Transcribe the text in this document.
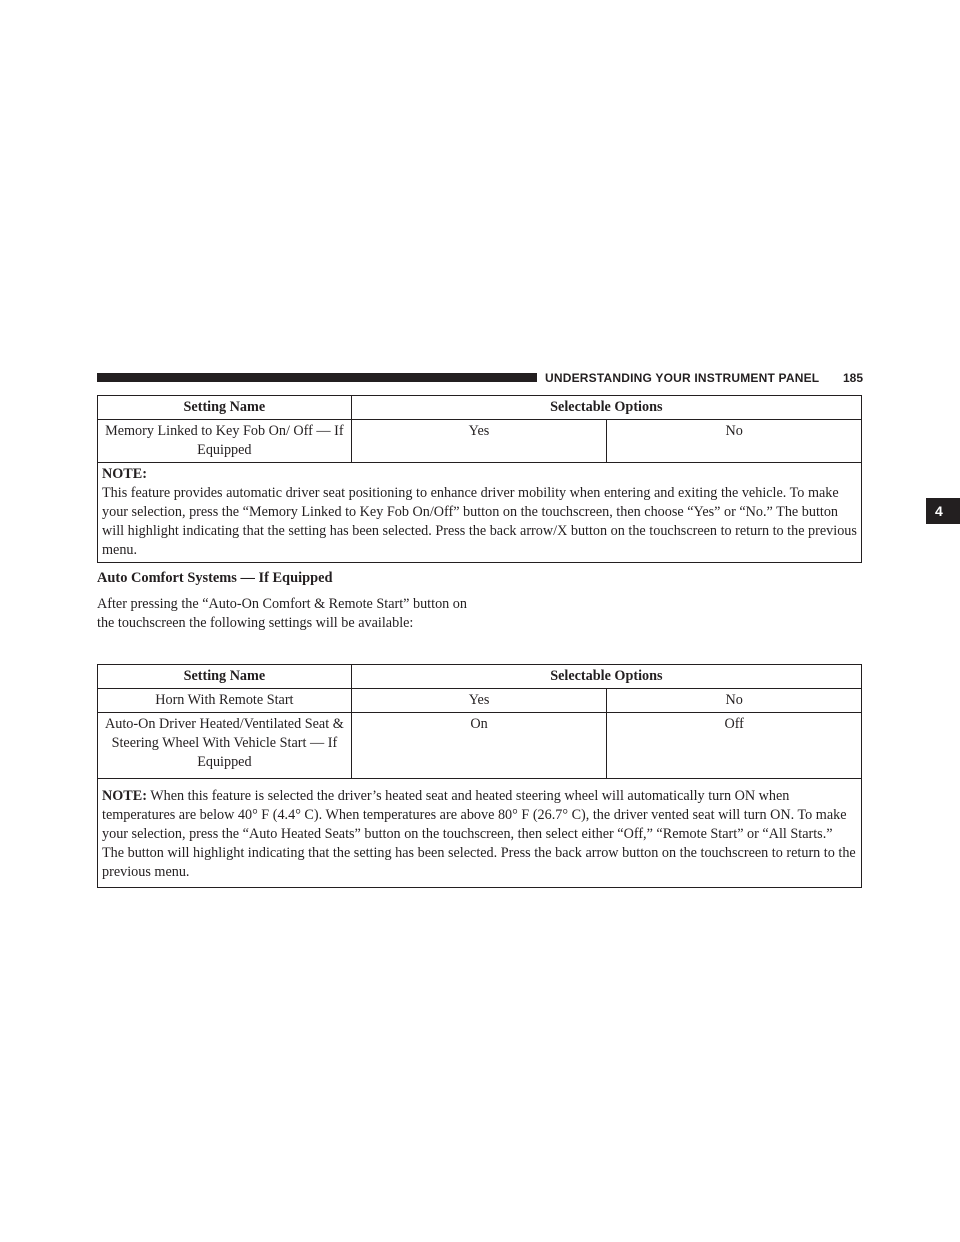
UNDERSTANDING YOUR INSTRUMENT PANEL	185
4
Setting Name	Selectable Options	
Memory Linked to Key Fob On/ Off — If Equipped	Yes	No

NOTE:
This feature provides automatic driver seat positioning to enhance driver mobility when entering and exiting the vehicle. To make your selection, press the “Memory Linked to Key Fob On/Off” button on the touchscreen, then choose “Yes” or “No.” The button will highlight indicating that the setting has been selected. Press the back arrow/X button on the touchscreen to return to the previous menu.		
Auto Comfort Systems — If Equipped
After pressing the “Auto-On Comfort & Remote Start” button on the touchscreen the following settings will be available:
Setting Name	Selectable Options	
Horn With Remote Start	Yes	No
Auto-On Driver Heated/Ventilated Seat & Steering Wheel With Vehicle Start — If Equipped	On	Off
NOTE: When this feature is selected the driver’s heated seat and heated steering wheel will automatically turn ON when temperatures are below 40° F (4.4° C). When temperatures are above 80° F (26.7° C), the driver vented seat will turn ON. To make your selection, press the “Auto Heated Seats” button on the touchscreen, then select either “Off,” “Remote Start” or “All Starts.” The button will highlight indicating that the setting has been selected. Press the back arrow button on the touchscreen to return to the previous menu.		
